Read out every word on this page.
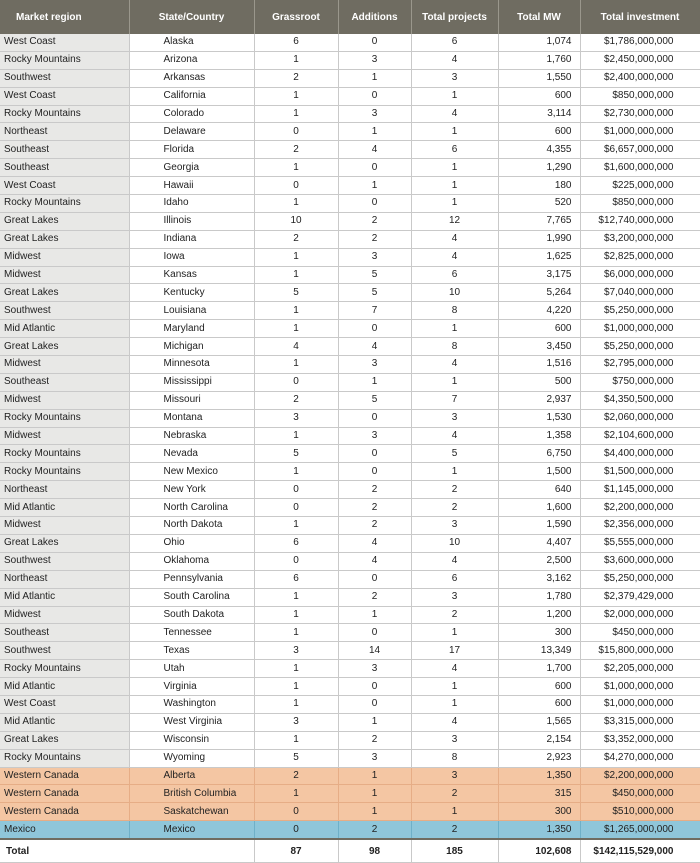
Market region	State/Country	Grassroot	Additions	Total projects	Total MW	Total investment
West Coast	Alaska	6	0	6	1,074	$1,786,000,000
Rocky Mountains	Arizona	1	3	4	1,760	$2,450,000,000
Southwest	Arkansas	2	1	3	1,550	$2,400,000,000
West Coast	California	1	0	1	600	$850,000,000
Rocky Mountains	Colorado	1	3	4	3,114	$2,730,000,000
Northeast	Delaware	0	1	1	600	$1,000,000,000
Southeast	Florida	2	4	6	4,355	$6,657,000,000
Southeast	Georgia	1	0	1	1,290	$1,600,000,000
West Coast	Hawaii	0	1	1	180	$225,000,000
Rocky Mountains	Idaho	1	0	1	520	$850,000,000
Great Lakes	Illinois	10	2	12	7,765	$12,740,000,000
Great Lakes	Indiana	2	2	4	1,990	$3,200,000,000
Midwest	Iowa	1	3	4	1,625	$2,825,000,000
Midwest	Kansas	1	5	6	3,175	$6,000,000,000
Great Lakes	Kentucky	5	5	10	5,264	$7,040,000,000
Southwest	Louisiana	1	7	8	4,220	$5,250,000,000
Mid Atlantic	Maryland	1	0	1	600	$1,000,000,000
Great Lakes	Michigan	4	4	8	3,450	$5,250,000,000
Midwest	Minnesota	1	3	4	1,516	$2,795,000,000
Southeast	Mississippi	0	1	1	500	$750,000,000
Midwest	Missouri	2	5	7	2,937	$4,350,500,000
Rocky Mountains	Montana	3	0	3	1,530	$2,060,000,000
Midwest	Nebraska	1	3	4	1,358	$2,104,600,000
Rocky Mountains	Nevada	5	0	5	6,750	$4,400,000,000
Rocky Mountains	New Mexico	1	0	1	1,500	$1,500,000,000
Northeast	New York	0	2	2	640	$1,145,000,000
Mid Atlantic	North Carolina	0	2	2	1,600	$2,200,000,000
Midwest	North Dakota	1	2	3	1,590	$2,356,000,000
Great Lakes	Ohio	6	4	10	4,407	$5,555,000,000
Southwest	Oklahoma	0	4	4	2,500	$3,600,000,000
Northeast	Pennsylvania	6	0	6	3,162	$5,250,000,000
Mid Atlantic	South Carolina	1	2	3	1,780	$2,379,429,000
Midwest	South Dakota	1	1	2	1,200	$2,000,000,000
Southeast	Tennessee	1	0	1	300	$450,000,000
Southwest	Texas	3	14	17	13,349	$15,800,000,000
Rocky Mountains	Utah	1	3	4	1,700	$2,205,000,000
Mid Atlantic	Virginia	1	0	1	600	$1,000,000,000
West Coast	Washington	1	0	1	600	$1,000,000,000
Mid Atlantic	West Virginia	3	1	4	1,565	$3,315,000,000
Great Lakes	Wisconsin	1	2	3	2,154	$3,352,000,000
Rocky Mountains	Wyoming	5	3	8	2,923	$4,270,000,000
Western Canada	Alberta	2	1	3	1,350	$2,200,000,000
Western Canada	British Columbia	1	1	2	315	$450,000,000
Western Canada	Saskatchewan	0	1	1	300	$510,000,000
Mexico	Mexico	0	2	2	1,350	$1,265,000,000
Total		87	98	185	102,608	$142,115,529,000
